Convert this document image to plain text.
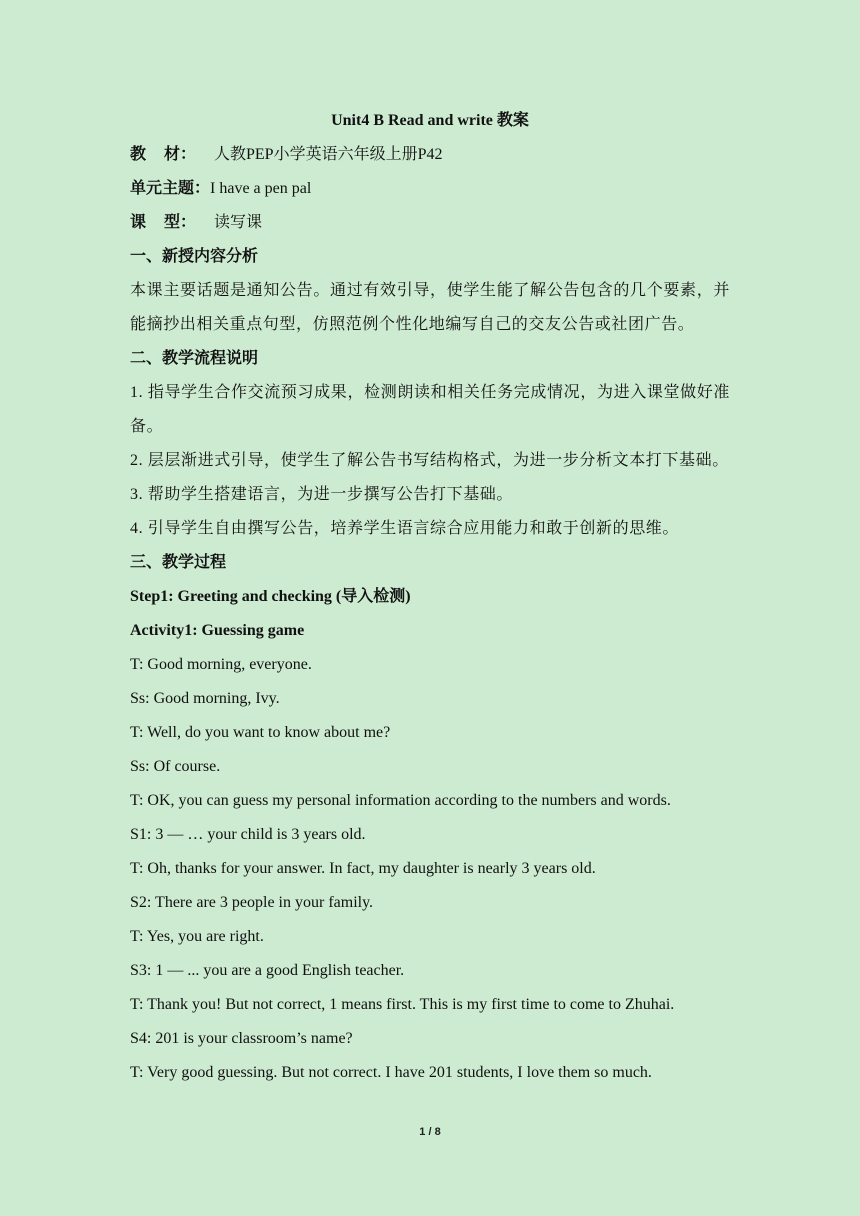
Unit4 B Read and write 教案

教 材： 人教PEP小学英语六年级上册P42

单元主题：I have a pen pal

课 型： 读写课

一、新授内容分析

本课主要话题是通知公告。通过有效引导，使学生能了解公告包含的几个要素，并能摘抄出相关重点句型，仿照范例个性化地编写自己的交友公告或社团广告。

二、教学流程说明

1. 指导学生合作交流预习成果，检测朗读和相关任务完成情况，为进入课堂做好准备。

2. 层层渐进式引导，使学生了解公告书写结构格式，为进一步分析文本打下基础。

3. 帮助学生搭建语言，为进一步撰写公告打下基础。

4. 引导学生自由撰写公告，培养学生语言综合应用能力和敢于创新的思维。

三、教学过程

Step1: Greeting and checking (导入检测)

Activity1: Guessing game

T: Good morning, everyone.

Ss: Good morning, Ivy.

T: Well, do you want to know about me?

Ss: Of course.

T: OK, you can guess my personal information according to the numbers and words.

S1: 3 — … your child is 3 years old.

T: Oh, thanks for your answer. In fact, my daughter is nearly 3 years old.

S2: There are 3 people in your family.

T: Yes, you are right.

S3: 1 — ... you are a good English teacher.

T: Thank you! But not correct, 1 means first. This is my first time to come to Zhuhai.

S4: 201 is your classroom’s name?

T: Very good guessing. But not correct. I have 201 students, I love them so much.

1 / 8
